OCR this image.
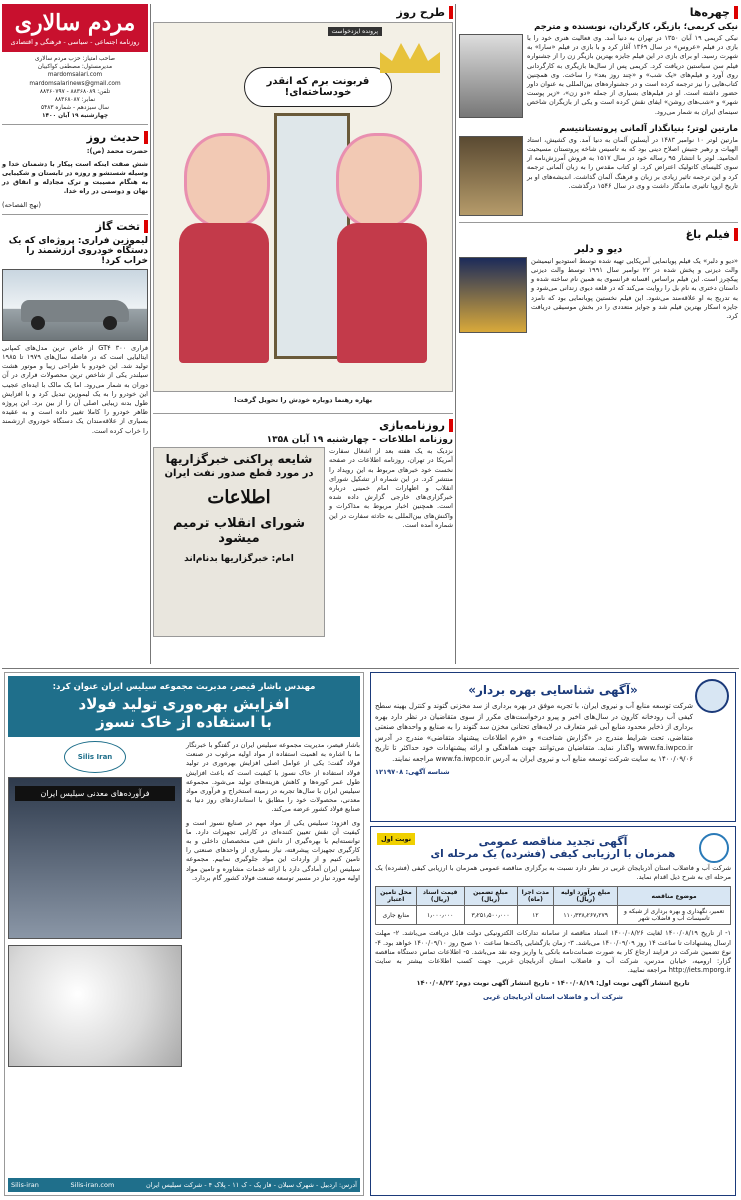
مردم سالاری
روزنامه اجتماعی - سیاسی - فرهنگی و اقتصادی
صاحب امتیاز: حزب مردم سالاری
مدیرمسئول: مصطفی کواکبیان
mardomsalari.com
mardomsalarinews@gmail.com
تلفن: ۸۸۳۶۸۰۸۹ - ۸۸۳۶۰۷۹۷
نمابر: ۸۸۳۶۸۰۸۷
سال سیزدهم - شماره ۵۴۸۳
چهارشنبه ۱۹ آبان ۱۴۰۰
حدیث روز
حضرت محمد (ص):
شش صفت اینکه است پیکار با دشمنان خدا و وسیله شستشو و روزه در تابستان و شکیبایی به هنگام مصیبت و ترک مجادله و انفاق در نهان و دوستی در راه خدا.
(نهج الفصاحه)
تخت گاز
لیموزین فراری: پروژه‌ای که یک دستگاه خودروی ارزشمند را خراب کرد!
فراری ۳۰۰ GT۴ از خاص ترین مدل‌های کمپانی ایتالیایی است که در فاصله سال‌های ۱۹۷۹ تا ۱۹۸۵ تولید شد. این خودرو با طراحی زیبا و موتور هشت سیلندر یکی از شاخص ترین محصولات فراری در آن دوران به شمار می‌رود. اما یک مالک با ایده‌ای عجیب این خودرو را به یک لیموزین تبدیل کرد و با افزایش طول بدنه زیبایی اصلی آن را از بین برد. این پروژه ظاهر خودرو را کاملا تغییر داده است و به عقیده بسیاری از علاقه‌مندان یک دستگاه خودروی ارزشمند را خراب کرده است.
طرح روز
پرونده ایزدخواست
قربونت برم که انقدر خودساخته‌ای!
بهاره رهنما دوباره خودش را تحویل گرفت!
روزنامه‌بازی
روزنامه اطلاعات - چهارشنبه ۱۹ آبان ۱۳۵۸
نزدیک به یک هفته بعد از اشغال سفارت آمریکا در تهران، روزنامه اطلاعات در صفحه نخست خود خبرهای مربوط به این رویداد را منتشر کرد. در این شماره از تشکیل شورای انقلاب و اظهارات امام خمینی درباره خبرگزاری‌های خارجی گزارش داده شده است. همچنین اخبار مربوط به مذاکرات و واکنش‌های بین‌المللی به حادثه سفارت در این شماره آمده است.
شایعه پراکنی خبرگزاریها
در مورد قطع صدور نفت ایران
اطلاعات
شورای انقلاب ترمیم میشود
امام: خبرگزاریها بدنام‌اند
چهره‌ها
نیکی کریمی؛ بازیگر، کارگردان، نویسنده و مترجم
نیکی کریمی ۱۹ آبان ۱۳۵۰ در تهران به دنیا آمد. وی فعالیت هنری خود را با بازی در فیلم «عروس» در سال ۱۳۶۹ آغاز کرد و با بازی در فیلم «سارا» به شهرت رسید. او برای بازی در این فیلم جایزه بهترین بازیگر زن را از جشنواره فیلم سن سباستین دریافت کرد. کریمی پس از سال‌ها بازیگری به کارگردانی روی آورد و فیلم‌های «یک شب» و «چند روز بعد» را ساخت. وی همچنین کتاب‌هایی را نیز ترجمه کرده است و در جشنواره‌های بین‌المللی به عنوان داور حضور داشته است. او در فیلم‌های بسیاری از جمله «دو زن»، «زیر پوست شهر» و «شب‌های روشن» ایفای نقش کرده است و یکی از بازیگران شاخص سینمای ایران به شمار می‌رود.
مارتین لوتر؛ بنیانگذار آلمانی پروتستانتیسم
مارتین لوتر ۱۰ نوامبر ۱۴۸۳ در آیسلبن آلمان به دنیا آمد. وی کشیش، استاد الهیات و رهبر جنبش اصلاح دینی بود که به تاسیس شاخه پروتستان مسیحیت انجامید. لوتر با انتشار ۹۵ رساله خود در سال ۱۵۱۷ به فروش آمرزش‌نامه از سوی کلیسای کاتولیک اعتراض کرد. او کتاب مقدس را به زبان آلمانی ترجمه کرد و این ترجمه تاثیر زیادی بر زبان و فرهنگ آلمان گذاشت. اندیشه‌های او بر تاریخ اروپا تاثیری ماندگار داشت و وی در سال ۱۵۴۶ درگذشت.
فیلم باغ
دیو و دلبر
«دیو و دلبر» یک فیلم پویانمایی آمریکایی تهیه شده توسط استودیو انیمیشن والت دیزنی و پخش شده در ۲۲ نوامبر سال ۱۹۹۱ توسط والت دیزنی پیکچرز است. این فیلم براساس افسانه فرانسوی به همین نام ساخته شده و داستان دختری به نام بل را روایت می‌کند که در قلعه دیوی زندانی می‌شود و به تدریج به او علاقه‌مند می‌شود. این فیلم نخستین پویانمایی بود که نامزد جایزه اسکار بهترین فیلم شد و جوایز متعددی را در بخش موسیقی دریافت کرد.
مهندس باشار قیصر، مدیریت مجموعه سیلیس ایران عنوان کرد:
افزایش بهره‌وری تولید فولاد
با استفاده از خاک نسوز
باشار قیصر، مدیریت مجموعه سیلیس ایران در گفتگو با خبرنگار ما با اشاره به اهمیت استفاده از مواد اولیه مرغوب در صنعت فولاد گفت: یکی از عوامل اصلی افزایش بهره‌وری در تولید فولاد استفاده از خاک نسوز با کیفیت است که باعث افزایش طول عمر کوره‌ها و کاهش هزینه‌های تولید می‌شود. مجموعه سیلیس ایران با سال‌ها تجربه در زمینه استخراج و فرآوری مواد معدنی، محصولات خود را مطابق با استانداردهای روز دنیا به صنایع فولاد کشور عرضه می‌کند.
وی افزود: سیلیس یکی از مواد مهم در صنایع نسوز است و کیفیت آن نقش تعیین کننده‌ای در کارایی تجهیزات دارد. ما توانسته‌ایم با بهره‌گیری از دانش فنی متخصصان داخلی و به کارگیری تجهیزات پیشرفته، نیاز بسیاری از واحدهای صنعتی را تامین کنیم و از واردات این مواد جلوگیری نماییم. مجموعه سیلیس ایران آمادگی دارد با ارائه خدمات مشاوره و تامین مواد اولیه مورد نیاز در مسیر توسعه صنعت فولاد کشور گام بردارد.
Silis Iran
فرآورده‌های معدنی سیلیس ایران
آدرس: اردبیل - شهرک سبلان - فاز یک - ک ۱۱ - پلاک ۴ - شرکت سیلیس ایران
Silis-iran.com
Silis-iran
«آگهی شناسایی بهره بردار»
شرکت توسعه منابع آب و نیروی ایران، با تجربه موفق در بهره برداری از سد مخزنی گتوند و کنترل بهینه سطح کیفی آب رودخانه کارون در سال‌های اخیر و پیرو درخواست‌های مکرر از سوی متقاضیان در نظر دارد بهره برداری از ذخایر محدود منابع آبی غیر متعارف در لایه‌های تحتانی مخزن سد گتوند را به صنایع و واحدهای صنعتی متقاضی، تحت شرایط مندرج در «گزارش شناخت» و «فرم اطلاعات پیشنهاد متقاضی» مندرج در آدرس www.fa.iwpco.ir واگذار نماید. متقاضیان می‌توانند جهت هماهنگی و ارائه پیشنهادات خود حداکثر تا تاریخ ۱۴۰۰/۰۹/۰۶ به سایت شرکت توسعه منابع آب و نیروی ایران به آدرس www.fa.iwpco.ir مراجعه نمایند.
شناسه آگهی: ۱۲۱۹۷۰۸
نوبت اول	آگهی تجدید مناقصه عمومی
همزمان با ارزیابی کیفی (فشرده) یک مرحله ای
شرکت آب و فاضلاب استان آذربایجان غربی در نظر دارد نسبت به برگزاری مناقصه عمومی همزمان با ارزیابی کیفی (فشرده) یک مرحله ای به شرح ذیل اقدام نماید.
موضوع مناقصه	مبلغ برآورد اولیه (ریال)	مدت اجرا (ماه)	مبلغ تضمین (ریال)	قیمت اسناد (ریال)	محل تامین اعتبار
تعمیر، نگهداری و بهره برداری از شبکه و تاسیسات آب و فاضلاب شهر	۱۱۰٫۳۳۸٫۲۶۷٫۲۷۹	۱۲	۳٫۲۵۱٫۵۰۰٫۰۰۰	۱٫۰۰۰٫۰۰۰	منابع جاری
۱- از تاریخ ۱۴۰۰/۰۸/۱۹ لغایت ۱۴۰۰/۰۸/۲۶ اسناد مناقصه از سامانه تدارکات الکترونیکی دولت قابل دریافت می‌باشد. ۲- مهلت ارسال پیشنهادات تا ساعت ۱۴ روز ۱۴۰۰/۰۹/۰۹ می‌باشد. ۳- زمان بازگشایی پاکت‌ها ساعت ۱۰ صبح روز ۱۴۰۰/۰۹/۱۰ خواهد بود. ۴- نوع تضمین شرکت در فرایند ارجاع کار به صورت ضمانت‌نامه بانکی یا واریز وجه نقد می‌باشد. ۵- اطلاعات تماس دستگاه مناقصه گزار: ارومیه، خیابان مدرس، شرکت آب و فاضلاب استان آذربایجان غربی. جهت کسب اطلاعات بیشتر به سایت http://iets.mporg.ir مراجعه نمایید.
تاریخ انتشار آگهی نوبت اول: ۱۴۰۰/۰۸/۱۹ - تاریخ انتشار آگهی نوبت دوم: ۱۴۰۰/۰۸/۲۲
شرکت آب و فاضلاب استان آذربایجان غربی
